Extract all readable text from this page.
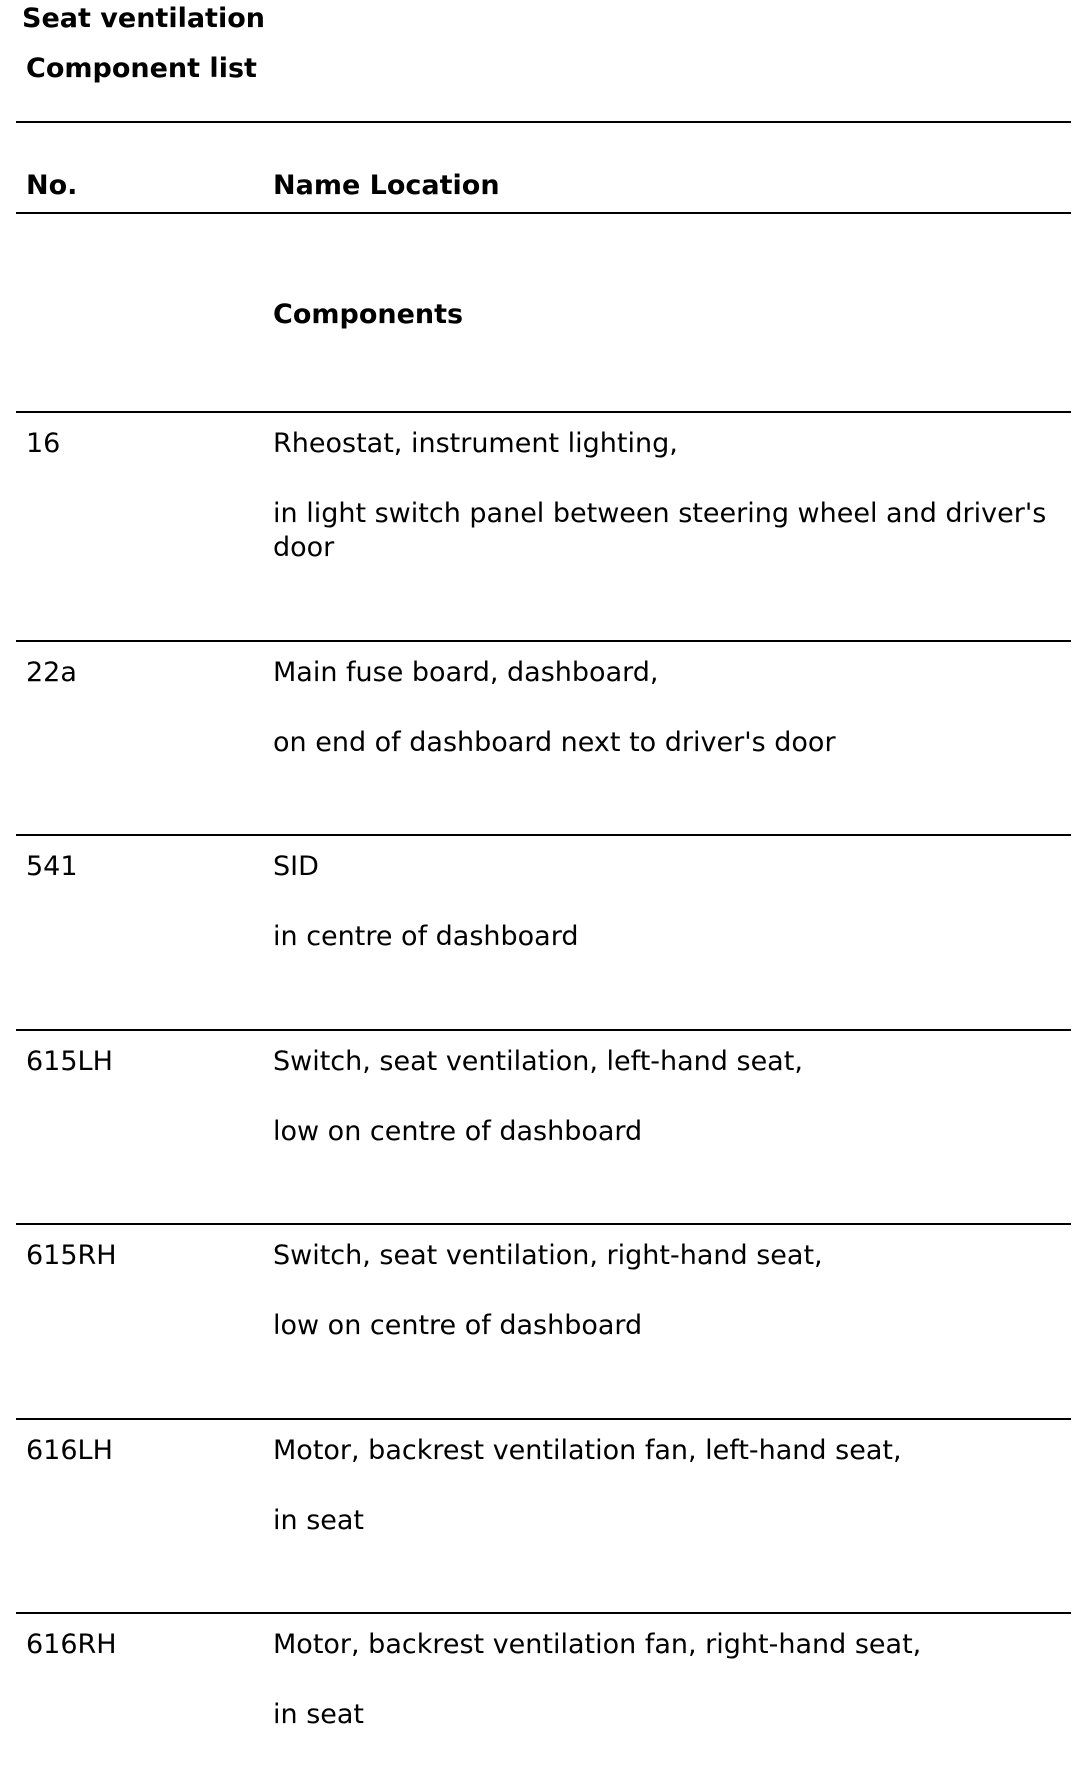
Seat ventilation
Component list
No.	Name Location
Components
16	Rheostat, instrument lighting,
in light switch panel between steering wheel and driver's door
22a	Main fuse board, dashboard,
on end of dashboard next to driver's door
541	SID
in centre of dashboard
615LH	Switch, seat ventilation, left-hand seat,
low on centre of dashboard
615RH	Switch, seat ventilation, right-hand seat,
low on centre of dashboard
616LH	Motor, backrest ventilation fan, left-hand seat,
in seat
616RH	Motor, backrest ventilation fan, right-hand seat,
in seat
